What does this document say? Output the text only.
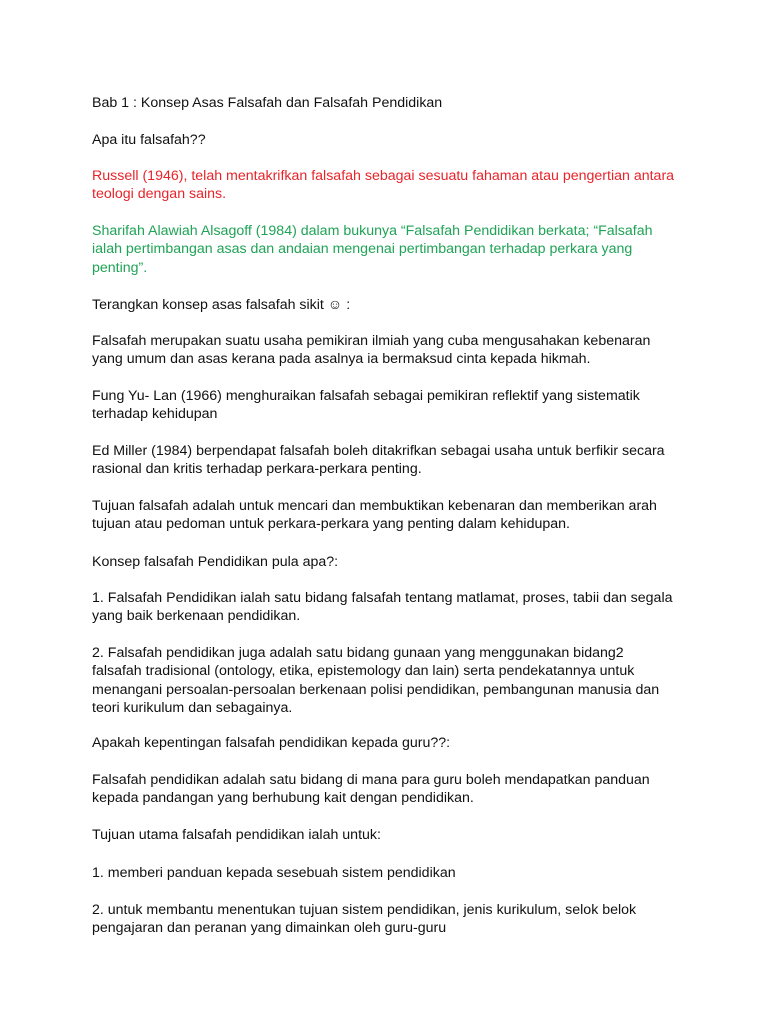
Bab 1 : Konsep Asas Falsafah dan Falsafah Pendidikan

Apa itu falsafah??

Russell (1946), telah mentakrifkan falsafah sebagai sesuatu fahaman atau pengertian antara
teologi dengan sains.

Sharifah Alawiah Alsagoff (1984) dalam bukunya “Falsafah Pendidikan berkata; “Falsafah
ialah pertimbangan asas dan andaian mengenai pertimbangan terhadap perkara yang
penting”.

Terangkan konsep asas falsafah sikit ☺ :

Falsafah merupakan suatu usaha pemikiran ilmiah yang cuba mengusahakan kebenaran
yang umum dan asas kerana pada asalnya ia bermaksud cinta kepada hikmah.

Fung Yu- Lan (1966) menghuraikan falsafah sebagai pemikiran reflektif yang sistematik
terhadap kehidupan

Ed Miller (1984) berpendapat falsafah boleh ditakrifkan sebagai usaha untuk berfikir secara
rasional dan kritis terhadap perkara-perkara penting.

Tujuan falsafah adalah untuk mencari dan membuktikan kebenaran dan memberikan arah
tujuan atau pedoman untuk perkara-perkara yang penting dalam kehidupan.

Konsep falsafah Pendidikan pula apa?:

1. Falsafah Pendidikan ialah satu bidang falsafah tentang matlamat, proses, tabii dan segala
yang baik berkenaan pendidikan.

2. Falsafah pendidikan juga adalah satu bidang gunaan yang menggunakan bidang2
falsafah tradisional (ontology, etika, epistemology dan lain) serta pendekatannya untuk
menangani persoalan-persoalan berkenaan polisi pendidikan, pembangunan manusia dan
teori kurikulum dan sebagainya.

Apakah kepentingan falsafah pendidikan kepada guru??:

Falsafah pendidikan adalah satu bidang di mana para guru boleh mendapatkan panduan
kepada pandangan yang berhubung kait dengan pendidikan.

Tujuan utama falsafah pendidikan ialah untuk:

1. memberi panduan kepada sesebuah sistem pendidikan

2. untuk membantu menentukan tujuan sistem pendidikan, jenis kurikulum, selok belok
pengajaran dan peranan yang dimainkan oleh guru-guru
